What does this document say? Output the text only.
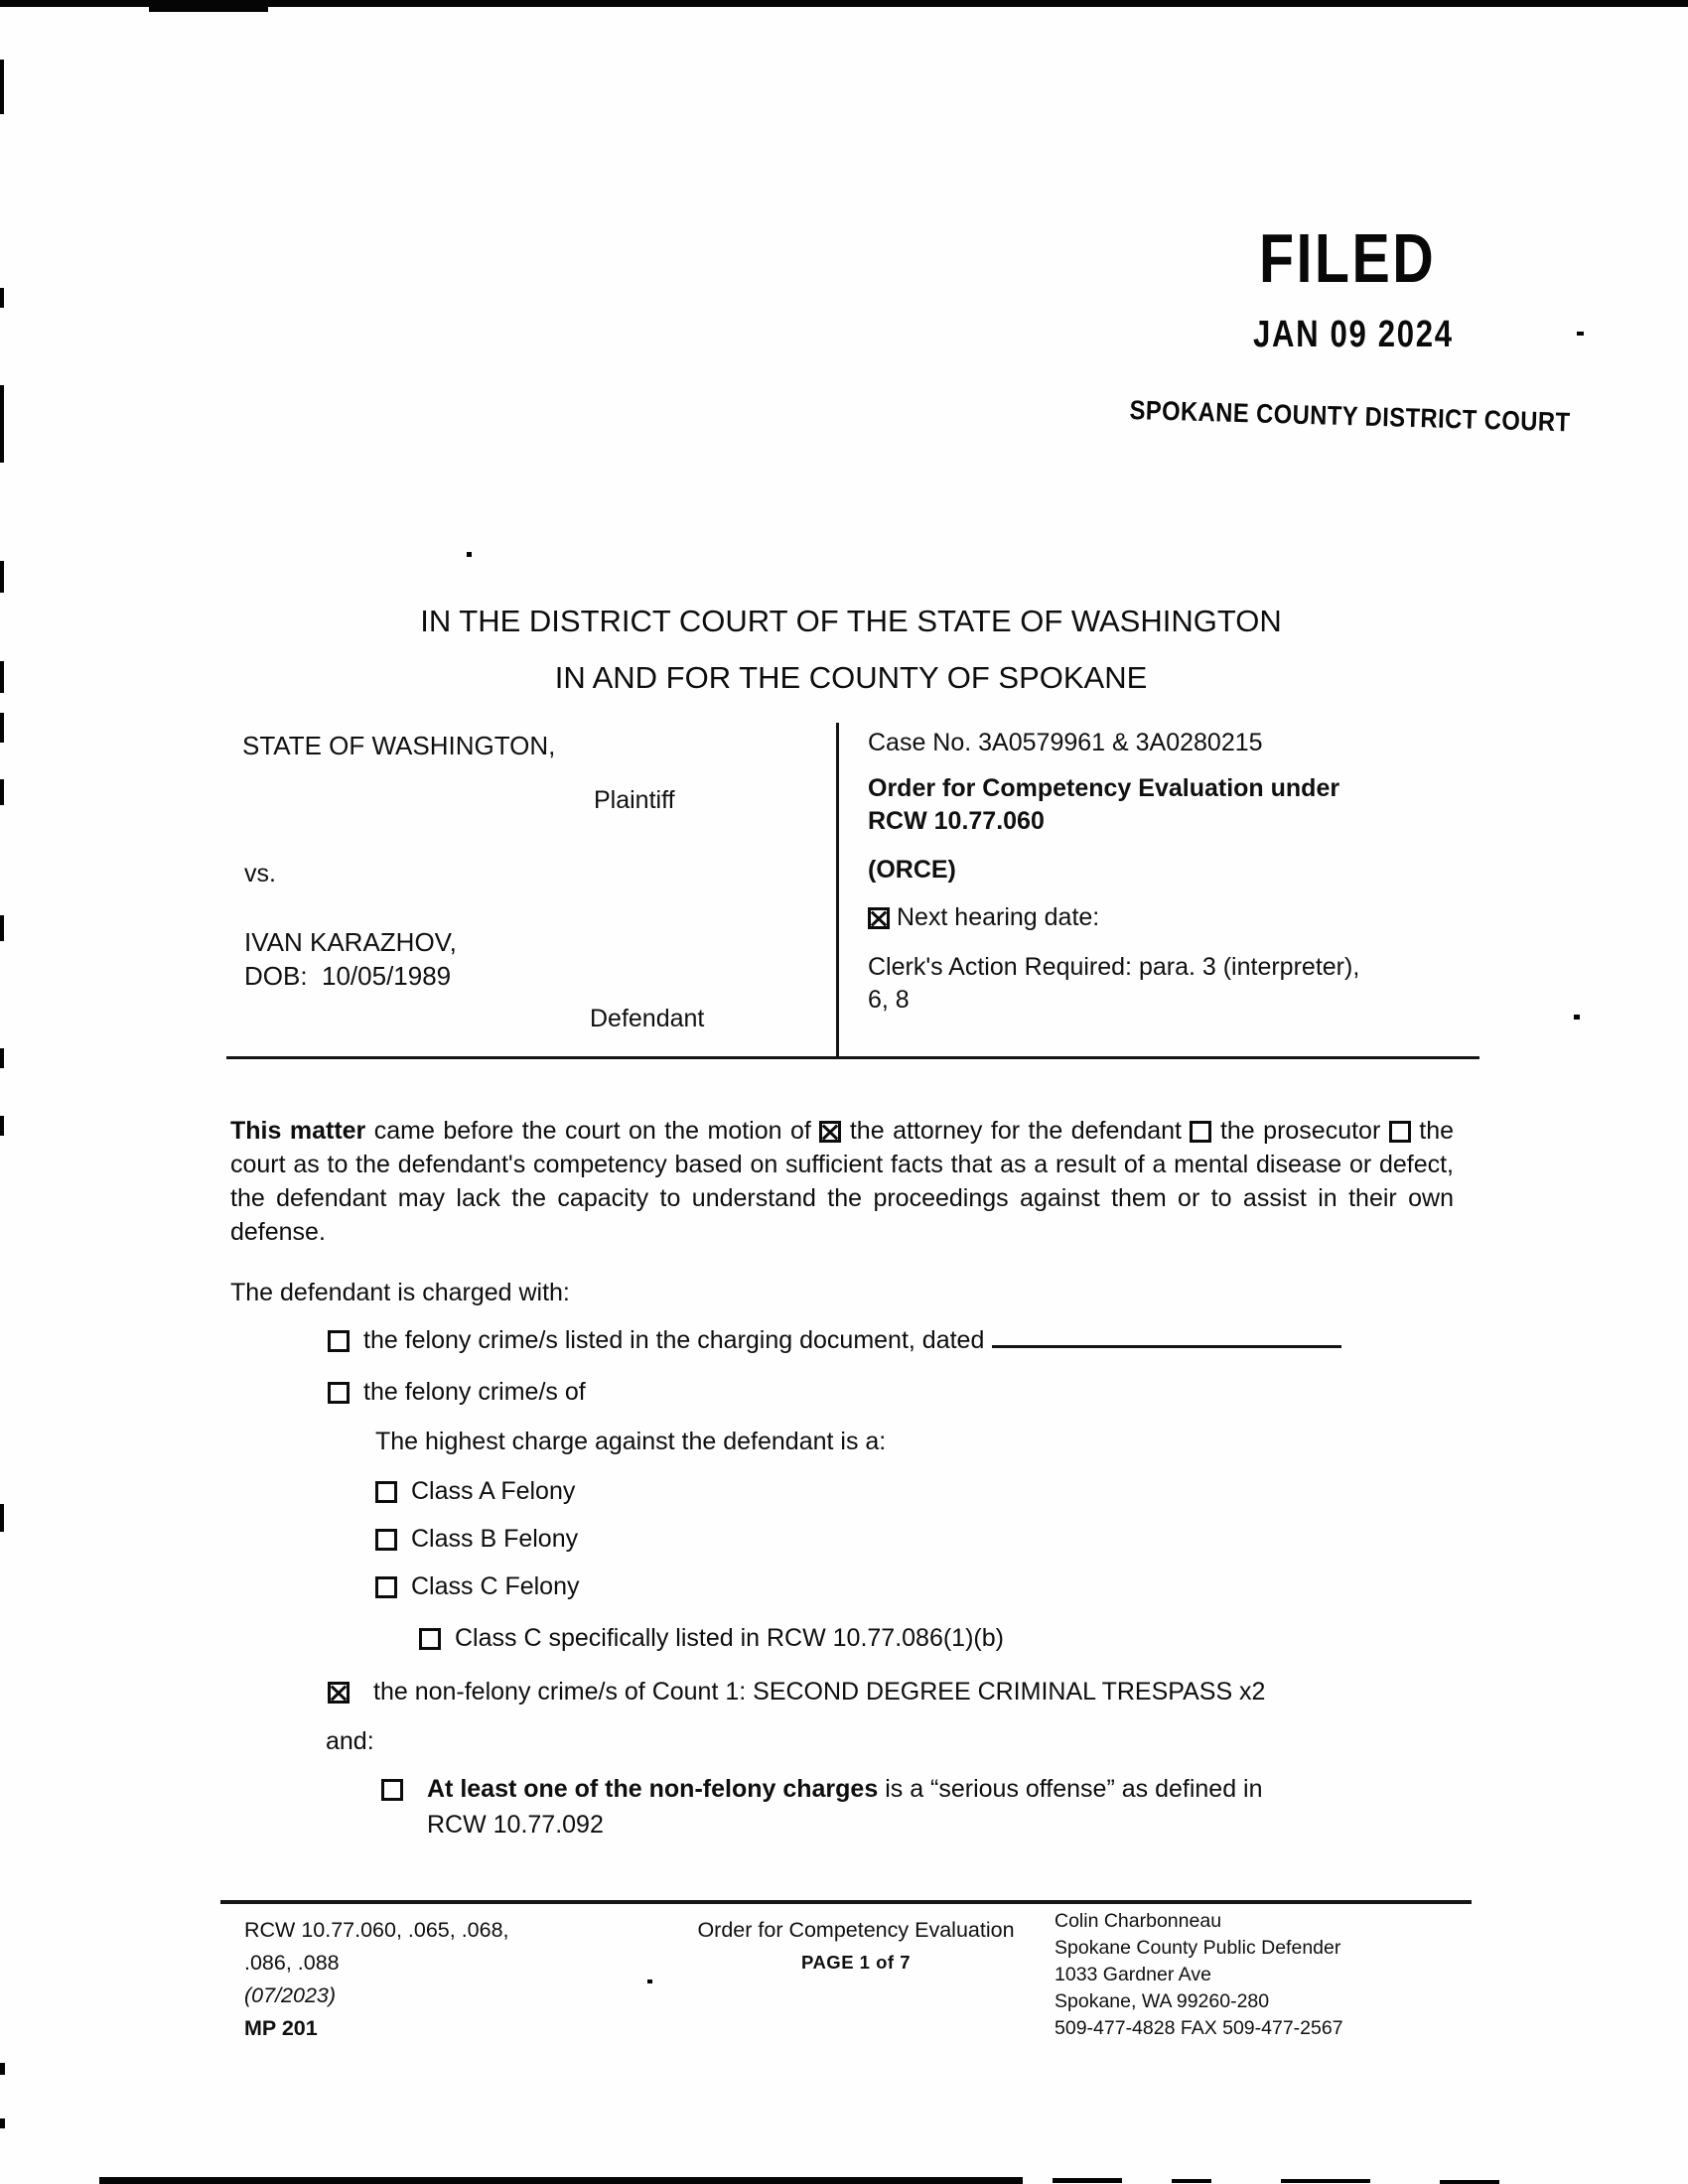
FILED
JAN 09 2024
SPOKANE COUNTY DISTRICT COURT
IN THE DISTRICT COURT OF THE STATE OF WASHINGTON
IN AND FOR THE COUNTY OF SPOKANE
STATE OF WASHINGTON,
Plaintiff
vs.
IVAN KARAZHOV,
DOB:  10/05/1989
Defendant
Case No. 3A0579961 & 3A0280215
Order for Competency Evaluation under
RCW 10.77.060
(ORCE)
Next hearing date:
Clerk's Action Required: para. 3 (interpreter),
6, 8

This matter came before the court on the motion of the attorney for the defendant the prosecutor the court as to the defendant's competency based on sufficient facts that as a result of a mental disease or defect, the defendant may lack the capacity to understand the proceedings against them or to assist in their own defense.

The defendant is charged with:
the felony crime/s listed in the charging document, dated
the felony crime/s of
The highest charge against the defendant is a:
Class A Felony
Class B Felony
Class C Felony
Class C specifically listed in RCW 10.77.086(1)(b)
the non-felony crime/s of Count 1: SECOND DEGREE CRIMINAL TRESPASS x2
and:
At least one of the non-felony charges is a “serious offense” as defined in
RCW 10.77.092
RCW 10.77.060, .065, .068,
.086, .088
(07/2023)
MP 201
Order for Competency Evaluation
PAGE 1 of 7
Colin Charbonneau
Spokane County Public Defender
1033 Gardner Ave
Spokane, WA 99260-280
509-477-4828 FAX 509-477-2567
